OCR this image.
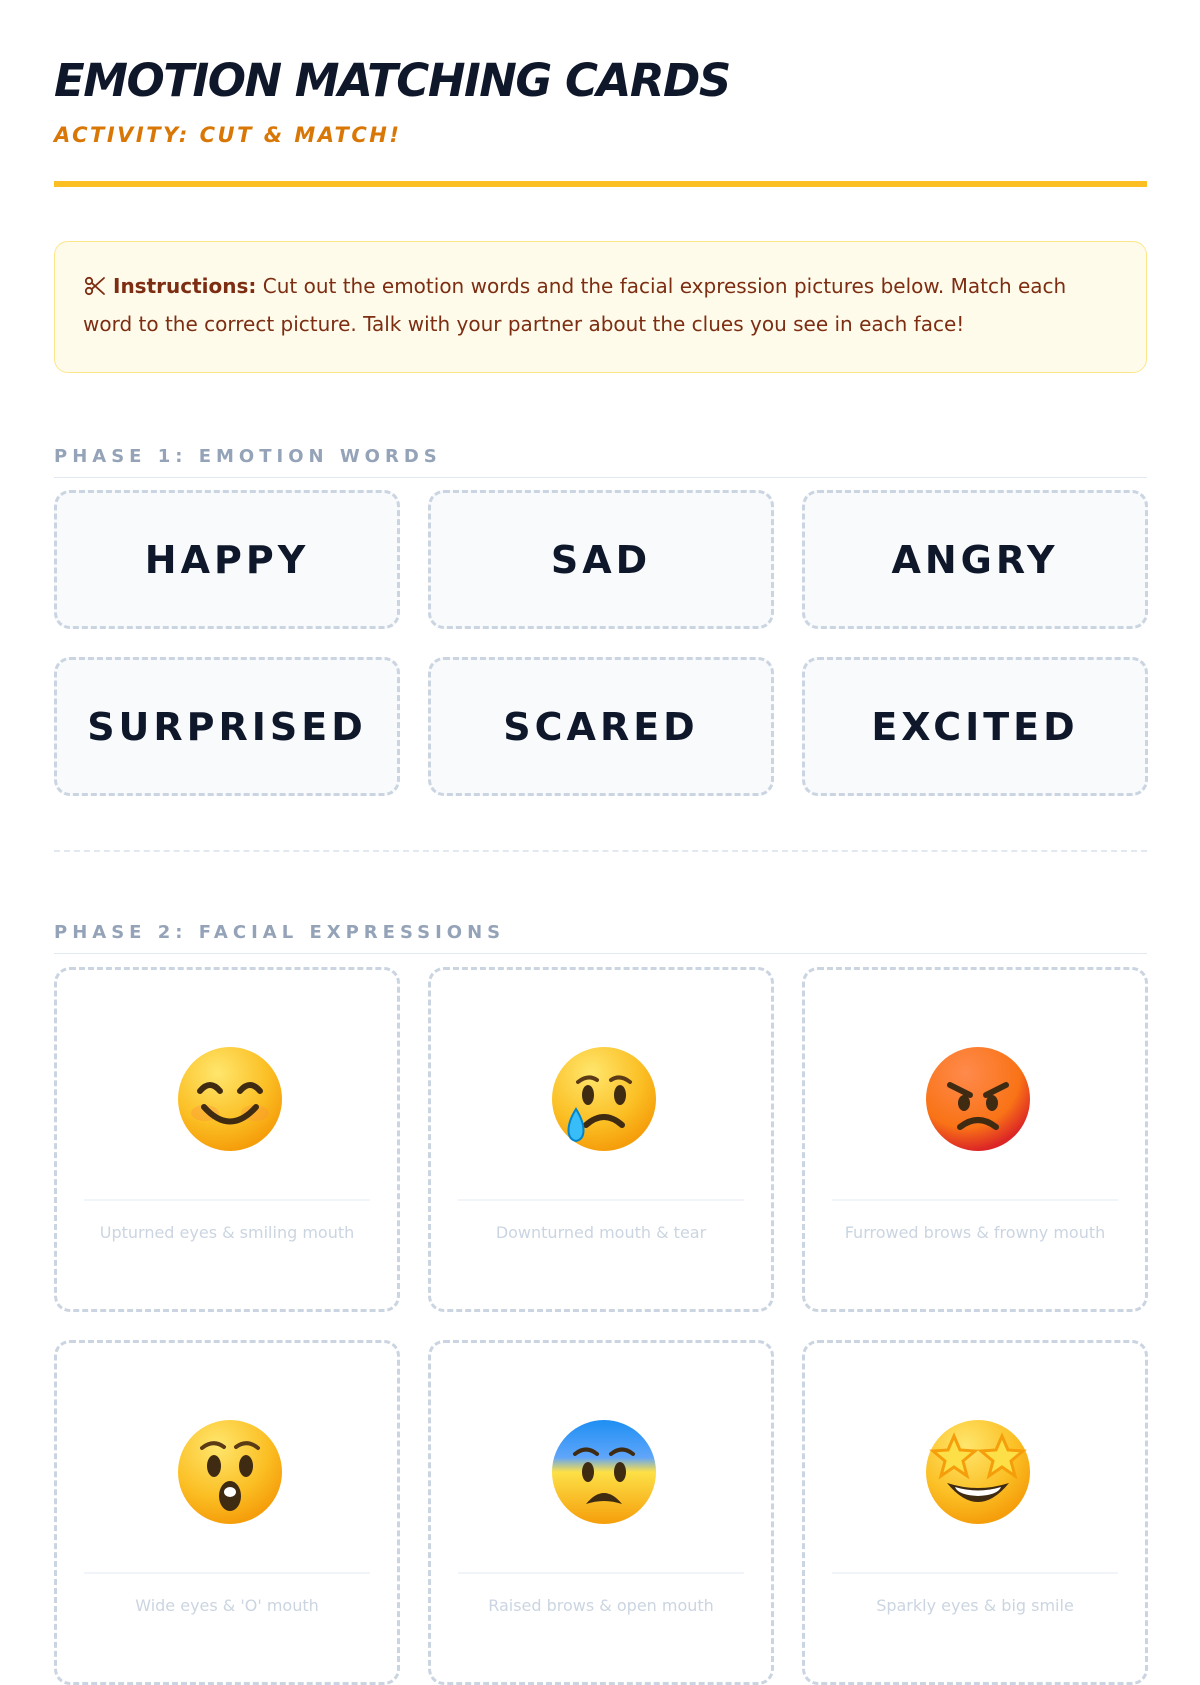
EMOTION MATCHING CARDS
ACTIVITY: CUT & MATCH!
Instructions: Cut out the emotion words and the facial expression pictures below. Match each word to the correct picture. Talk with your partner about the clues you see in each face!
PHASE 1: EMOTION WORDS
HAPPY	SAD	ANGRY
SURPRISED	SCARED	EXCITED
PHASE 2: FACIAL EXPRESSIONS
Upturned eyes & smiling mouth	Downturned mouth & tear	Furrowed brows & frowny mouth
Wide eyes & 'O' mouth	Raised brows & open mouth	Sparkly eyes & big smile
